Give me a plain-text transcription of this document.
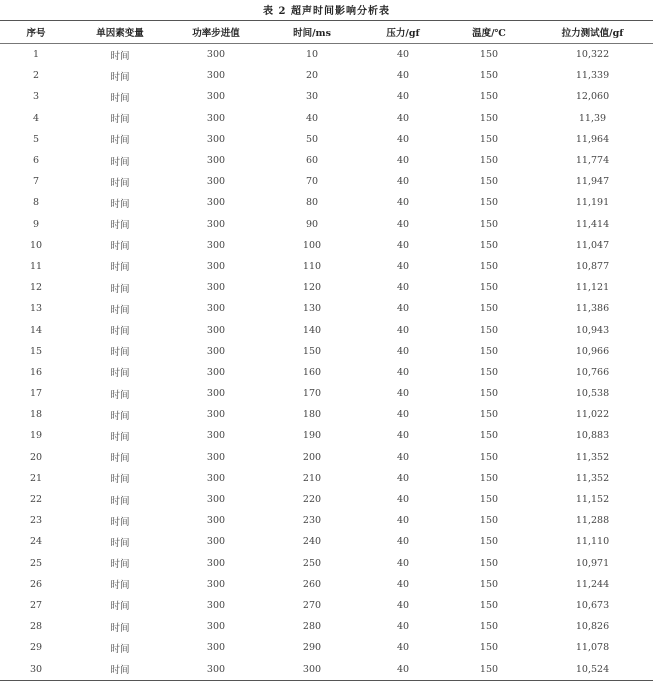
表 2 超声时间影响分析表
序号	单因素变量	功率步进值	时间/ms	压力/gf	温度/℃	拉力测试值/gf
1	时间	300	10	40	150	10,322
2	时间	300	20	40	150	11,339
3	时间	300	30	40	150	12,060
4	时间	300	40	40	150	11,39
5	时间	300	50	40	150	11,964
6	时间	300	60	40	150	11,774
7	时间	300	70	40	150	11,947
8	时间	300	80	40	150	11,191
9	时间	300	90	40	150	11,414
10	时间	300	100	40	150	11,047
11	时间	300	110	40	150	10,877
12	时间	300	120	40	150	11,121
13	时间	300	130	40	150	11,386
14	时间	300	140	40	150	10,943
15	时间	300	150	40	150	10,966
16	时间	300	160	40	150	10,766
17	时间	300	170	40	150	10,538
18	时间	300	180	40	150	11,022
19	时间	300	190	40	150	10,883
20	时间	300	200	40	150	11,352
21	时间	300	210	40	150	11,352
22	时间	300	220	40	150	11,152
23	时间	300	230	40	150	11,288
24	时间	300	240	40	150	11,110
25	时间	300	250	40	150	10,971
26	时间	300	260	40	150	11,244
27	时间	300	270	40	150	10,673
28	时间	300	280	40	150	10,826
29	时间	300	290	40	150	11,078
30	时间	300	300	40	150	10,524
